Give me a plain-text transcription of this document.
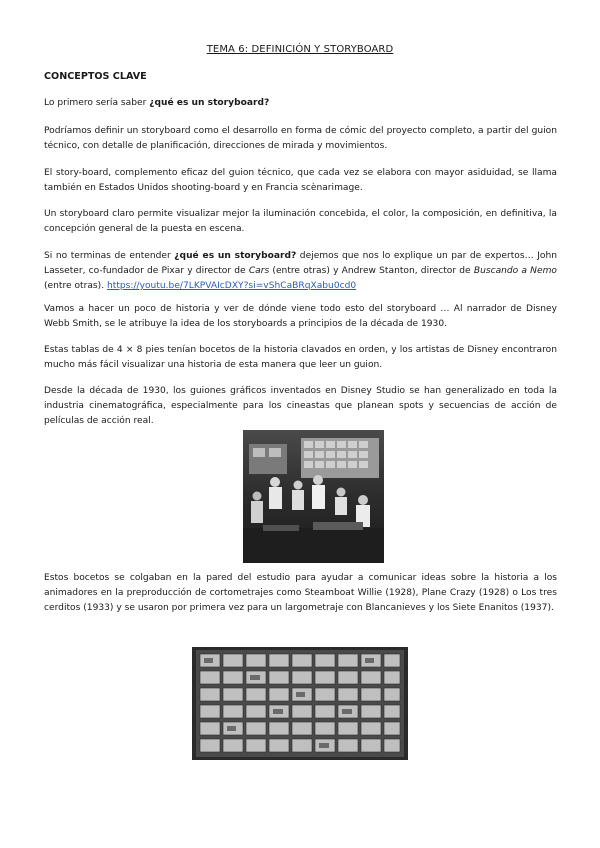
TEMA 6: DEFINICIÓN Y STORYBOARD

CONCEPTOS CLAVE

Lo primero sería saber ¿qué es un storyboard?

Podríamos definir un storyboard como el desarrollo en forma de cómic del proyecto completo, a partir del guion técnico, con detalle de planificación, direcciones de mirada y movimientos.

El story-board, complemento eficaz del guion técnico, que cada vez se elabora con mayor asiduidad, se llama también en Estados Unidos shooting-board y en Francia scènarimage.

Un storyboard claro permite visualizar mejor la iluminación concebida, el color, la composición, en definitiva, la concepción general de la puesta en escena.

Si no terminas de entender ¿qué es un storyboard? dejemos que nos lo explique un par de expertos… John Lasseter, co-fundador de Pixar y director de Cars (entre otras) y Andrew Stanton, director de Buscando a Nemo (entre otras). https://youtu.be/7LKPVAIcDXY?si=vShCaBRqXabu0cd0

Vamos a hacer un poco de historia y ver de dónde viene todo esto del storyboard … Al narrador de Disney Webb Smith, se le atribuye la idea de los storyboards a principios de la década de 1930.

Estas tablas de 4 × 8 pies tenían bocetos de la historia clavados en orden, y los artistas de Disney encontraron mucho más fácil visualizar una historia de esta manera que leer un guion.

Desde la década de 1930, los guiones gráficos inventados en Disney Studio se han generalizado en toda la industria cinematográfica, especialmente para los cineastas que planean spots y secuencias de acción de películas de acción real.

Estos bocetos se colgaban en la pared del estudio para ayudar a comunicar ideas sobre la historia a los animadores en la preproducción de cortometrajes como Steamboat Willie (1928), Plane Crazy (1928) o Los tres cerditos (1933) y se usaron por primera vez para un largometraje con Blancanieves y los Siete Enanitos (1937).
